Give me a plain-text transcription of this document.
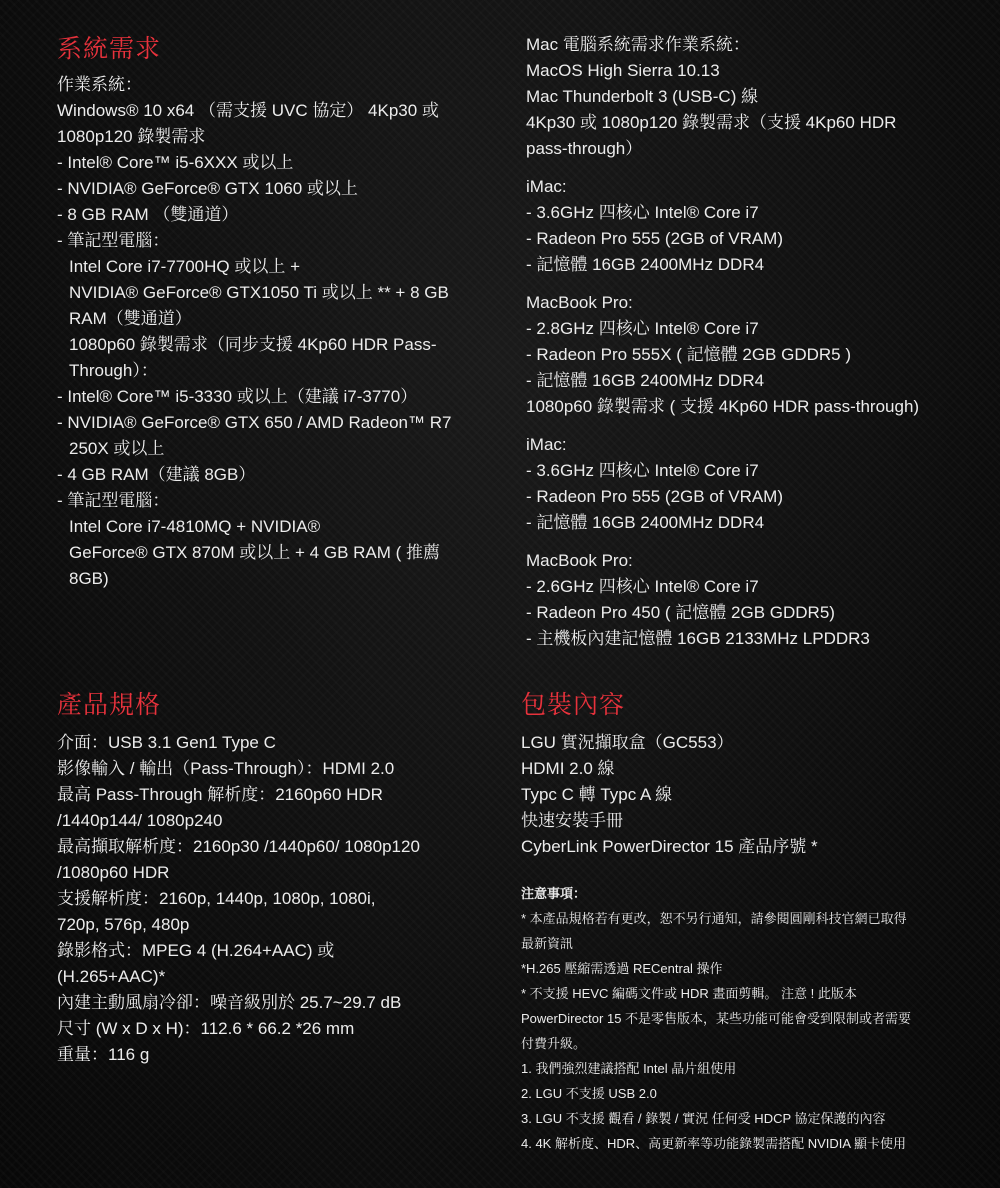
系統需求
作業系統：
Windows® 10 x64 （需支援 UVC 協定） 4Kp30 或
1080p120 錄製需求
- Intel® Core™ i5-6XXX 或以上
- NVIDIA® GeForce® GTX 1060 或以上
- 8 GB RAM （雙通道）
- 筆記型電腦：
Intel Core i7-7700HQ 或以上 +
NVIDIA® GeForce® GTX1050 Ti 或以上 ** + 8 GB
RAM（雙通道）
1080p60 錄製需求（同步支援 4Kp60 HDR Pass-
Through）：
- Intel® Core™ i5-3330 或以上（建議 i7-3770）
- NVIDIA® GeForce® GTX 650 / AMD Radeon™ R7
250X 或以上
- 4 GB RAM（建議 8GB）
- 筆記型電腦：
Intel Core i7-4810MQ + NVIDIA®
GeForce® GTX 870M 或以上 + 4 GB RAM ( 推薦
8GB)
Mac 電腦系統需求作業系統：
MacOS High Sierra 10.13
Mac Thunderbolt 3 (USB-C) 線
4Kp30 或 1080p120 錄製需求（支援 4Kp60 HDR
pass-through）
iMac:
- 3.6GHz 四核心 Intel® Core i7
- Radeon Pro 555 (2GB of VRAM)
- 記憶體 16GB 2400MHz DDR4
MacBook Pro:
- 2.8GHz 四核心 Intel® Core i7
- Radeon Pro 555X ( 記憶體 2GB GDDR5 )
- 記憶體 16GB 2400MHz DDR4
1080p60 錄製需求 ( 支援 4Kp60 HDR pass-through)
iMac:
- 3.6GHz 四核心 Intel® Core i7
- Radeon Pro 555 (2GB of VRAM)
- 記憶體 16GB 2400MHz DDR4
MacBook Pro:
- 2.6GHz 四核心 Intel® Core i7
- Radeon Pro 450 ( 記憶體 2GB GDDR5)
- 主機板內建記憶體 16GB 2133MHz LPDDR3
產品規格
介面：USB 3.1 Gen1 Type C
影像輸入 / 輸出（Pass-Through）：HDMI 2.0
最高 Pass-Through 解析度：2160p60 HDR
/1440p144/ 1080p240
最高擷取解析度：2160p30 /1440p60/ 1080p120
/1080p60 HDR
支援解析度：2160p, 1440p, 1080p, 1080i,
720p, 576p, 480p
錄影格式：MPEG 4 (H.264+AAC) 或
(H.265+AAC)*
內建主動風扇冷卻：噪音級別於 25.7~29.7 dB
尺寸 (W x D x H)：112.6 * 66.2 *26 mm
重量：116 g
包裝內容
LGU 實況擷取盒（GC553）
HDMI 2.0 線
Typc C 轉 Typc A 線
快速安裝手冊
CyberLink PowerDirector 15 產品序號 *
注意事項：
* 本產品規格若有更改，恕不另行通知，請參閱圓剛科技官網已取得
最新資訊
*H.265 壓縮需透過 RECentral 操作
* 不支援 HEVC 編碼文件或 HDR 畫面剪輯。 注意 ! 此版本
PowerDirector 15 不是零售版本，某些功能可能會受到限制或者需要
付費升級。
1. 我們強烈建議搭配 Intel 晶片組使用
2. LGU 不支援 USB 2.0
3. LGU 不支援 觀看 / 錄製 / 實況 任何受 HDCP 協定保護的內容
4. 4K 解析度、HDR、高更新率等功能錄製需搭配 NVIDIA 顯卡使用
